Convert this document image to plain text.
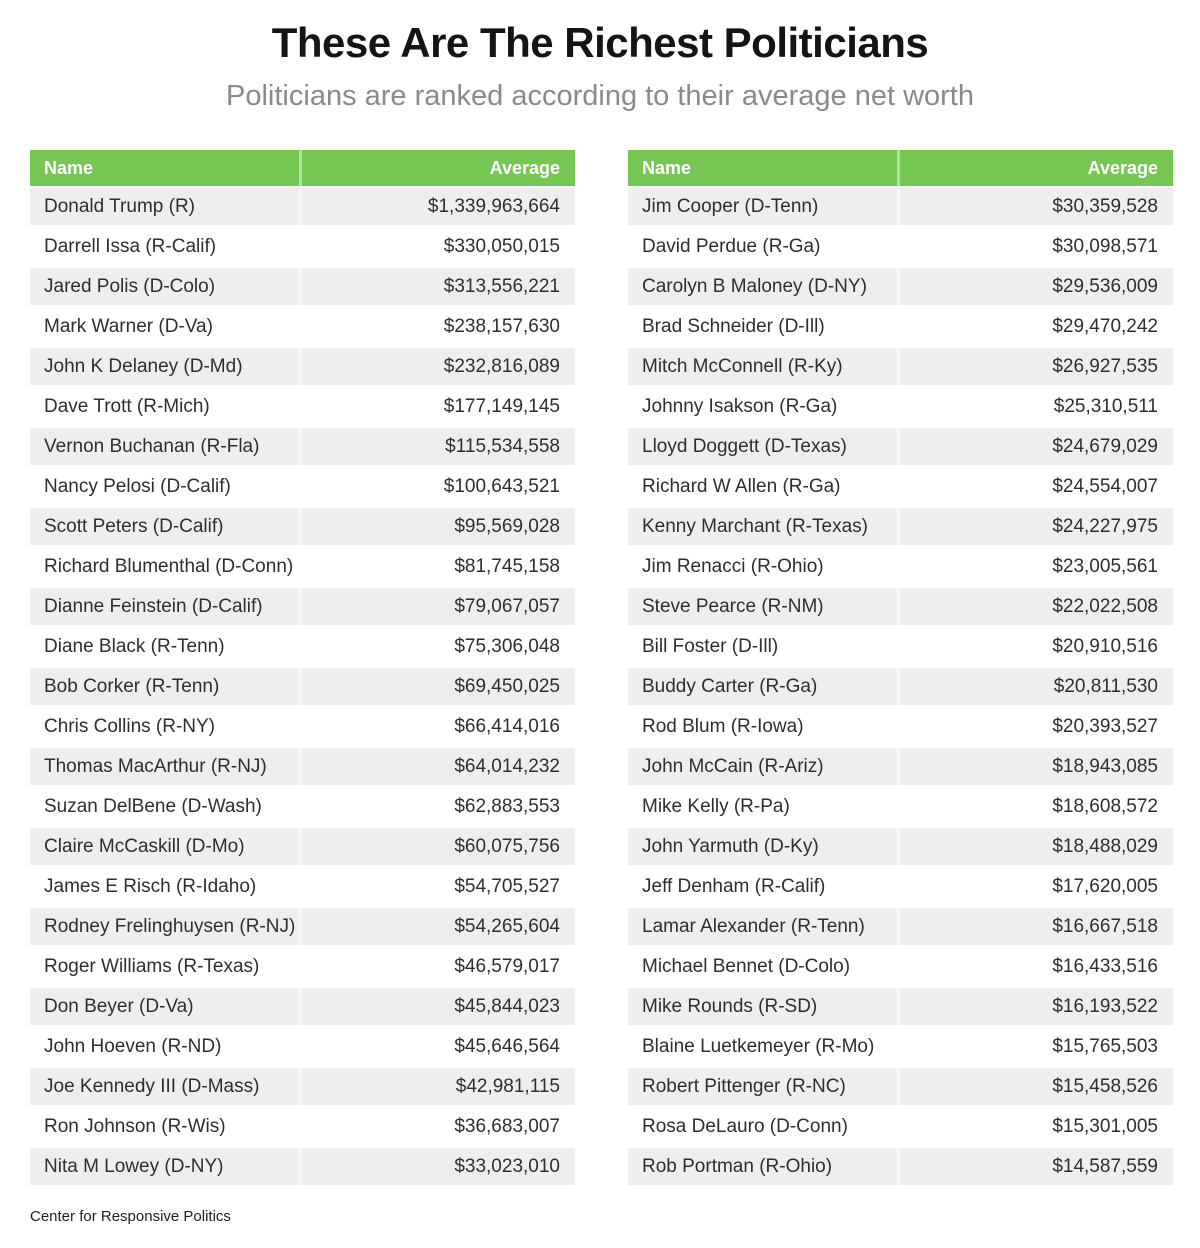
These Are The Richest Politicians
Politicians are ranked according to their average net worth
Name	Average
Donald Trump (R)	$1,339,963,664
Darrell Issa (R-Calif)	$330,050,015
Jared Polis (D-Colo)	$313,556,221
Mark Warner (D-Va)	$238,157,630
John K Delaney (D-Md)	$232,816,089
Dave Trott (R-Mich)	$177,149,145
Vernon Buchanan (R-Fla)	$115,534,558
Nancy Pelosi (D-Calif)	$100,643,521
Scott Peters (D-Calif)	$95,569,028
Richard Blumenthal (D-Conn)	$81,745,158
Dianne Feinstein (D-Calif)	$79,067,057
Diane Black (R-Tenn)	$75,306,048
Bob Corker (R-Tenn)	$69,450,025
Chris Collins (R-NY)	$66,414,016
Thomas MacArthur (R-NJ)	$64,014,232
Suzan DelBene (D-Wash)	$62,883,553
Claire McCaskill (D-Mo)	$60,075,756
James E Risch (R-Idaho)	$54,705,527
Rodney Frelinghuysen (R-NJ)	$54,265,604
Roger Williams (R-Texas)	$46,579,017
Don Beyer (D-Va)	$45,844,023
John Hoeven (R-ND)	$45,646,564
Joe Kennedy III (D-Mass)	$42,981,115
Ron Johnson (R-Wis)	$36,683,007
Nita M Lowey (D-NY)	$33,023,010
Name	Average
Jim Cooper (D-Tenn)	$30,359,528
David Perdue (R-Ga)	$30,098,571
Carolyn B Maloney (D-NY)	$29,536,009
Brad Schneider (D-Ill)	$29,470,242
Mitch McConnell (R-Ky)	$26,927,535
Johnny Isakson (R-Ga)	$25,310,511
Lloyd Doggett (D-Texas)	$24,679,029
Richard W Allen (R-Ga)	$24,554,007
Kenny Marchant (R-Texas)	$24,227,975
Jim Renacci (R-Ohio)	$23,005,561
Steve Pearce (R-NM)	$22,022,508
Bill Foster (D-Ill)	$20,910,516
Buddy Carter (R-Ga)	$20,811,530
Rod Blum (R-Iowa)	$20,393,527
John McCain (R-Ariz)	$18,943,085
Mike Kelly (R-Pa)	$18,608,572
John Yarmuth (D-Ky)	$18,488,029
Jeff Denham (R-Calif)	$17,620,005
Lamar Alexander (R-Tenn)	$16,667,518
Michael Bennet (D-Colo)	$16,433,516
Mike Rounds (R-SD)	$16,193,522
Blaine Luetkemeyer (R-Mo)	$15,765,503
Robert Pittenger (R-NC)	$15,458,526
Rosa DeLauro (D-Conn)	$15,301,005
Rob Portman (R-Ohio)	$14,587,559
Center for Responsive Politics
